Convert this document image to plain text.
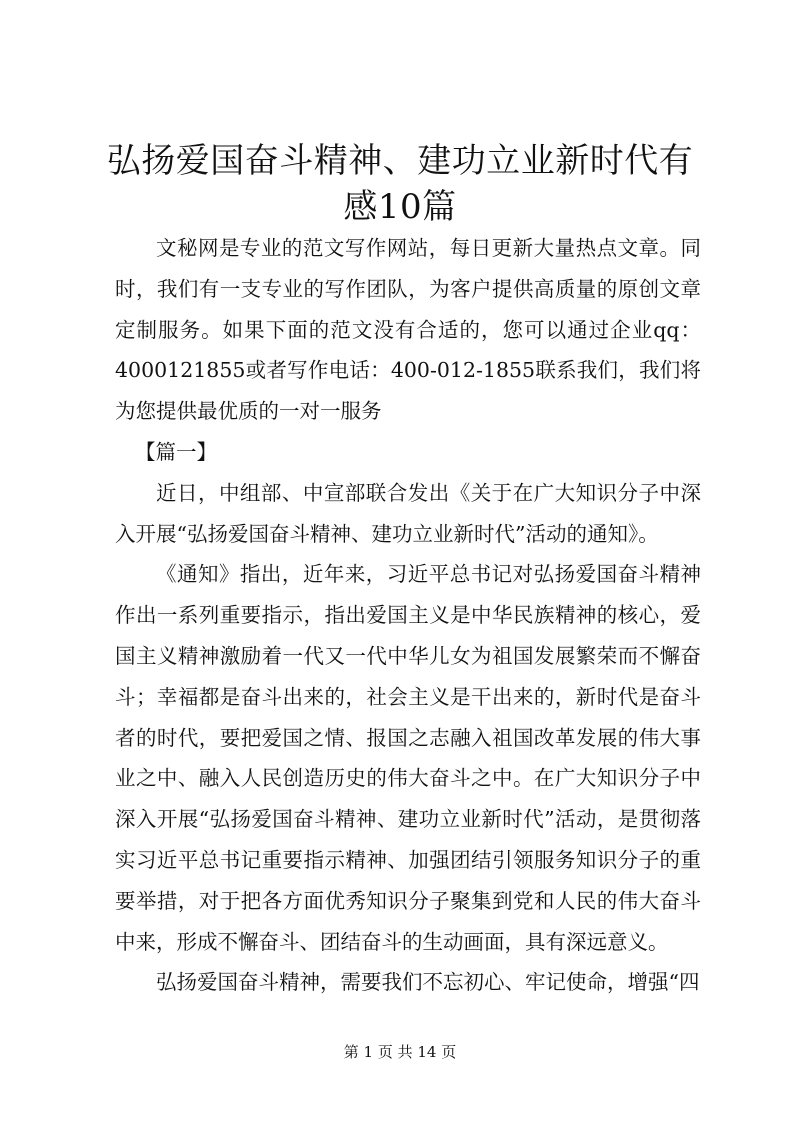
弘扬爱国奋斗精神、建功立业新时代有感10篇

文秘网是专业的范文写作网站，每日更新大量热点文章。同时，我们有一支专业的写作团队，为客户提供高质量的原创文章定制服务。如果下面的范文没有合适的，您可以通过企业qq：4000121855或者写作电话：400-012-1855联系我们，我们将为您提供最优质的一对一服务

【篇一】

近日，中组部、中宣部联合发出《关于在广大知识分子中深入开展“弘扬爱国奋斗精神、建功立业新时代”活动的通知》。

《通知》指出，近年来，习近平总书记对弘扬爱国奋斗精神作出一系列重要指示，指出爱国主义是中华民族精神的核心，爱国主义精神激励着一代又一代中华儿女为祖国发展繁荣而不懈奋斗；幸福都是奋斗出来的，社会主义是干出来的，新时代是奋斗者的时代，要把爱国之情、报国之志融入祖国改革发展的伟大事业之中、融入人民创造历史的伟大奋斗之中。在广大知识分子中深入开展“弘扬爱国奋斗精神、建功立业新时代”活动，是贯彻落实习近平总书记重要指示精神、加强团结引领服务知识分子的重要举措，对于把各方面优秀知识分子聚集到党和人民的伟大奋斗中来，形成不懈奋斗、团结奋斗的生动画面，具有深远意义。

弘扬爱国奋斗精神，需要我们不忘初心、牢记使命，增强“四

第 1 页 共 14 页
